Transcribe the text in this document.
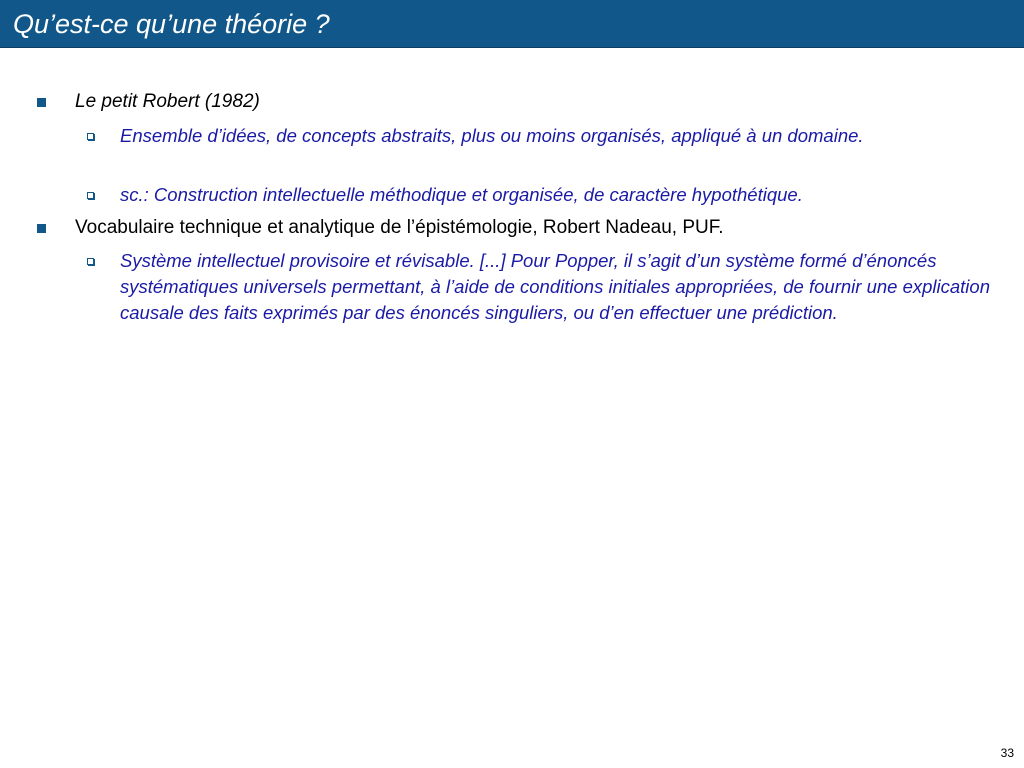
Qu’est-ce qu’une théorie ?
Le petit Robert (1982)
Ensemble d’idées, de concepts abstraits, plus ou moins organisés, appliqué à un domaine.
sc.: Construction intellectuelle méthodique et organisée, de caractère hypothétique.
Vocabulaire technique et analytique de l’épistémologie, Robert Nadeau, PUF.
Système intellectuel provisoire et révisable. [...] Pour Popper, il s’agit d’un système formé d’énoncés systématiques universels permettant, à l’aide de conditions initiales appropriées, de fournir une explication causale des faits exprimés par des énoncés singuliers, ou d’en effectuer une prédiction.
33
